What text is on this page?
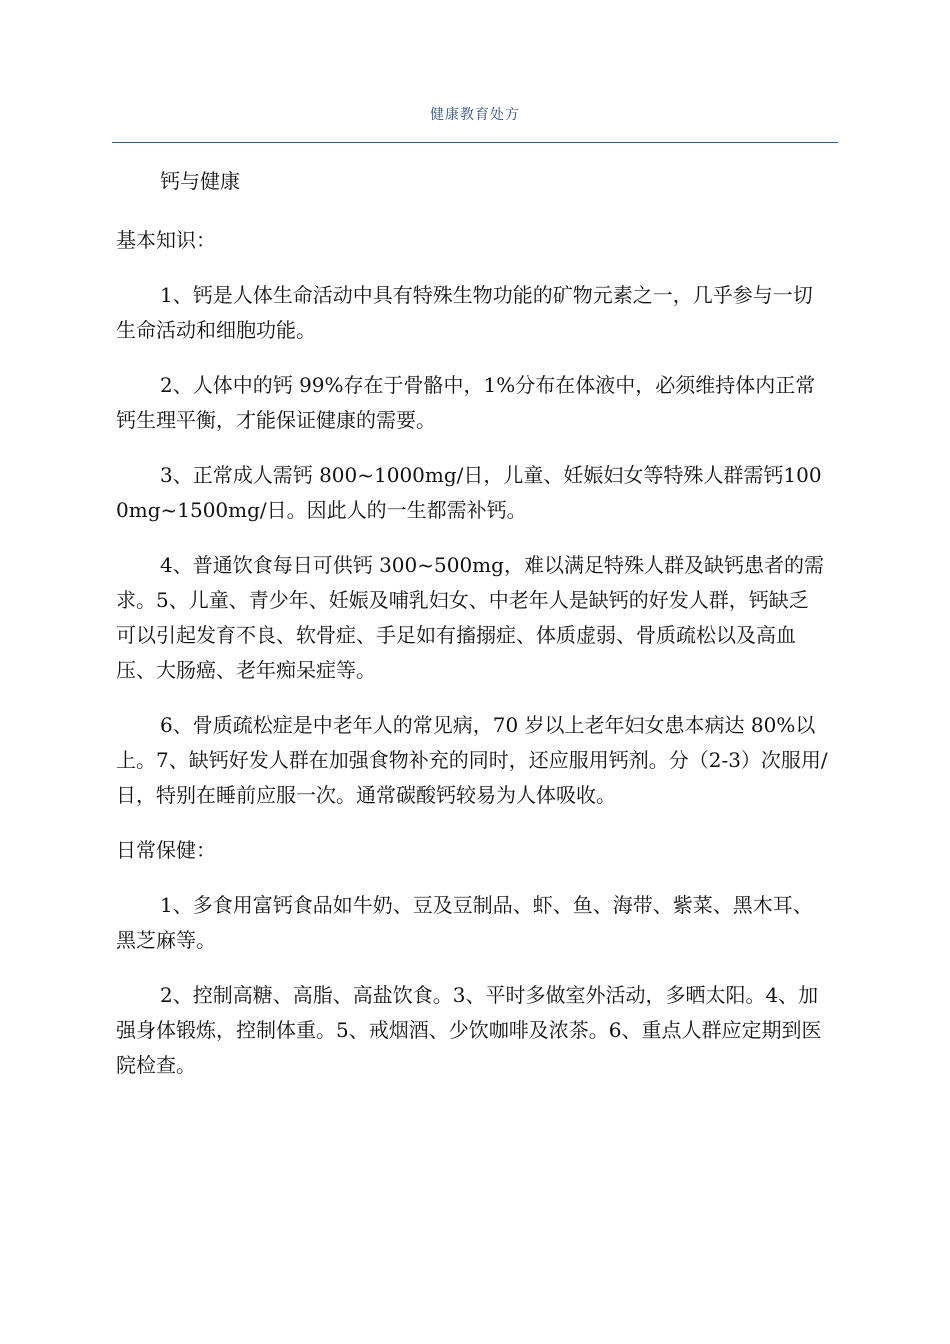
健康教育处方

钙与健康

基本知识：

1、钙是人体生命活动中具有特殊生物功能的矿物元素之一，几乎参与一切生命活动和细胞功能。

2、人体中的钙 99%存在于骨骼中，1%分布在体液中，必须维持体内正常钙生理平衡，才能保证健康的需要。

3、正常成人需钙 800~1000mg/日，儿童、妊娠妇女等特殊人群需钙1000mg~1500mg/日。因此人的一生都需补钙。

4、普通饮食每日可供钙 300~500mg，难以满足特殊人群及缺钙患者的需求。5、儿童、青少年、妊娠及哺乳妇女、中老年人是缺钙的好发人群，钙缺乏可以引起发育不良、软骨症、手足如有搐搦症、体质虚弱、骨质疏松以及高血压、大肠癌、老年痴呆症等。

6、骨质疏松症是中老年人的常见病，70 岁以上老年妇女患本病达 80%以上。7、缺钙好发人群在加强食物补充的同时，还应服用钙剂。分（2-3）次服用/日，特别在睡前应服一次。通常碳酸钙较易为人体吸收。

日常保健：

1、多食用富钙食品如牛奶、豆及豆制品、虾、鱼、海带、紫菜、黑木耳、黑芝麻等。

2、控制高糖、高脂、高盐饮食。3、平时多做室外活动，多晒太阳。4、加强身体锻炼，控制体重。5、戒烟酒、少饮咖啡及浓茶。6、重点人群应定期到医院检查。
